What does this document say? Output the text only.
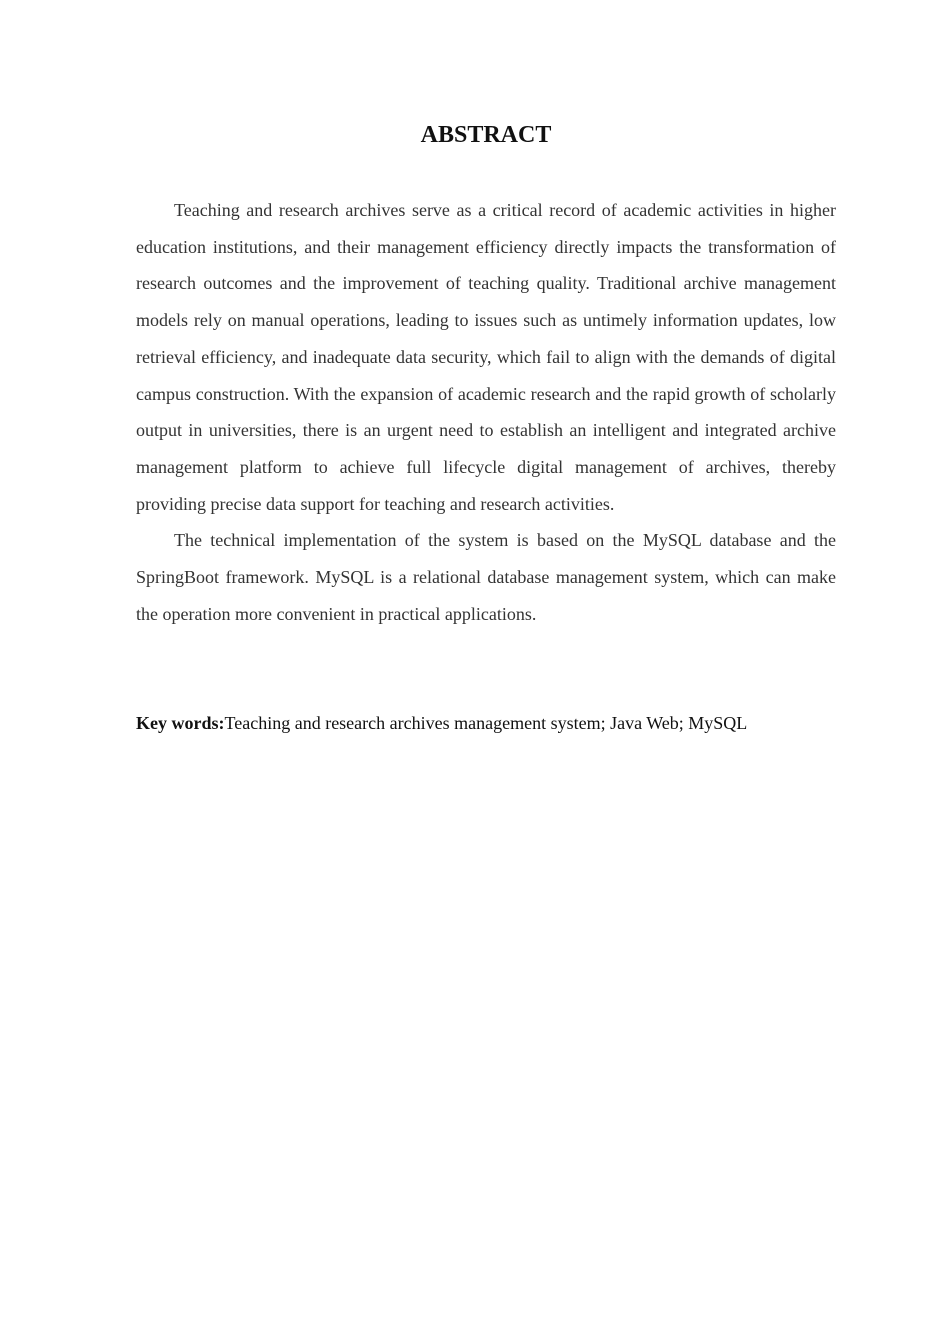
ABSTRACT

Teaching and research archives serve as a critical record of academic activities in higher education institutions, and their management efficiency directly impacts the transformation of research outcomes and the improvement of teaching quality. Traditional archive management models rely on manual operations, leading to issues such as untimely information updates, low retrieval efficiency, and inadequate data security, which fail to align with the demands of digital campus construction. With the expansion of academic research and the rapid growth of scholarly output in universities, there is an urgent need to establish an intelligent and integrated archive management platform to achieve full lifecycle digital management of archives, thereby providing precise data support for teaching and research activities.

The technical implementation of the system is based on the MySQL database and the SpringBoot framework. MySQL is a relational database management system, which can make the operation more convenient in practical applications.

Key words:Teaching and research archives management system; Java Web; MySQL
